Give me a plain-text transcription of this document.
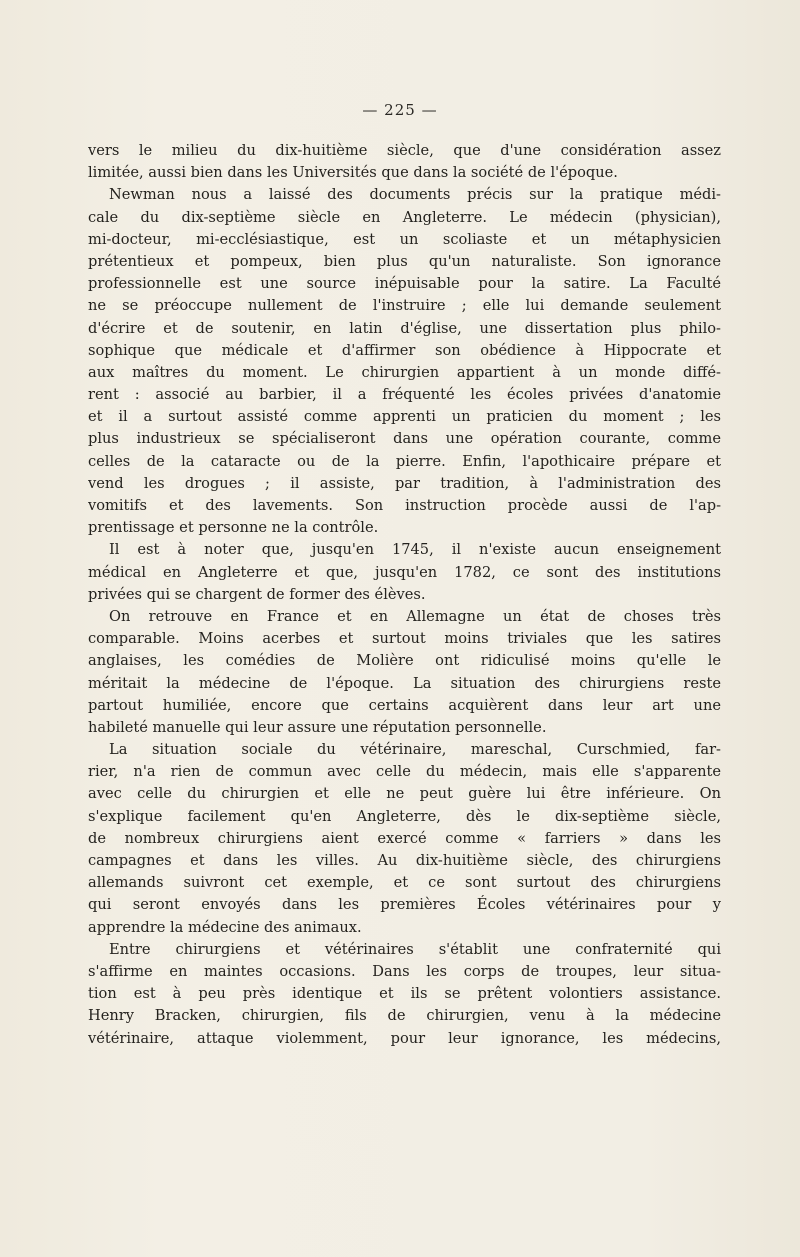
— 225 —
vers le milieu du dix-huitième siècle, que d'une considération assez
limitée, aussi bien dans les Universités que dans la société de l'époque.
Newman nous a laissé des documents précis sur la pratique médi-
cale du dix-septième siècle en Angleterre. Le médecin (physician),
mi-docteur, mi-ecclésiastique, est un scoliaste et un métaphysicien
prétentieux et pompeux, bien plus qu'un naturaliste. Son ignorance
professionnelle est une source inépuisable pour la satire. La Faculté
ne se préoccupe nullement de l'instruire ; elle lui demande seulement
d'écrire et de soutenir, en latin d'église, une dissertation plus philo-
sophique que médicale et d'affirmer son obédience à Hippocrate et
aux maîtres du moment. Le chirurgien appartient à un monde diffé-
rent : associé au barbier, il a fréquenté les écoles privées d'anatomie
et il a surtout assisté comme apprenti un praticien du moment ; les
plus industrieux se spécialiseront dans une opération courante, comme
celles de la cataracte ou de la pierre. Enfin, l'apothicaire prépare et
vend les drogues ; il assiste, par tradition, à l'administration des
vomitifs et des lavements. Son instruction procède aussi de l'ap-
prentissage et personne ne la contrôle.
Il est à noter que, jusqu'en 1745, il n'existe aucun enseignement
médical en Angleterre et que, jusqu'en 1782, ce sont des institutions
privées qui se chargent de former des élèves.
On retrouve en France et en Allemagne un état de choses très
comparable. Moins acerbes et surtout moins triviales que les satires
anglaises, les comédies de Molière ont ridiculisé moins qu'elle le
méritait la médecine de l'époque. La situation des chirurgiens reste
partout humiliée, encore que certains acquièrent dans leur art une
habileté manuelle qui leur assure une réputation personnelle.
La situation sociale du vétérinaire, mareschal, Curschmied, far-
rier, n'a rien de commun avec celle du médecin, mais elle s'apparente
avec celle du chirurgien et elle ne peut guère lui être inférieure. On
s'explique facilement qu'en Angleterre, dès le dix-septième siècle,
de nombreux chirurgiens aient exercé comme « farriers » dans les
campagnes et dans les villes. Au dix-huitième siècle, des chirurgiens
allemands suivront cet exemple, et ce sont surtout des chirurgiens
qui seront envoyés dans les premières Écoles vétérinaires pour y
apprendre la médecine des animaux.
Entre chirurgiens et vétérinaires s'établit une confraternité qui
s'affirme en maintes occasions. Dans les corps de troupes, leur situa-
tion est à peu près identique et ils se prêtent volontiers assistance.
Henry Bracken, chirurgien, fils de chirurgien, venu à la médecine
vétérinaire, attaque violemment, pour leur ignorance, les médecins,
